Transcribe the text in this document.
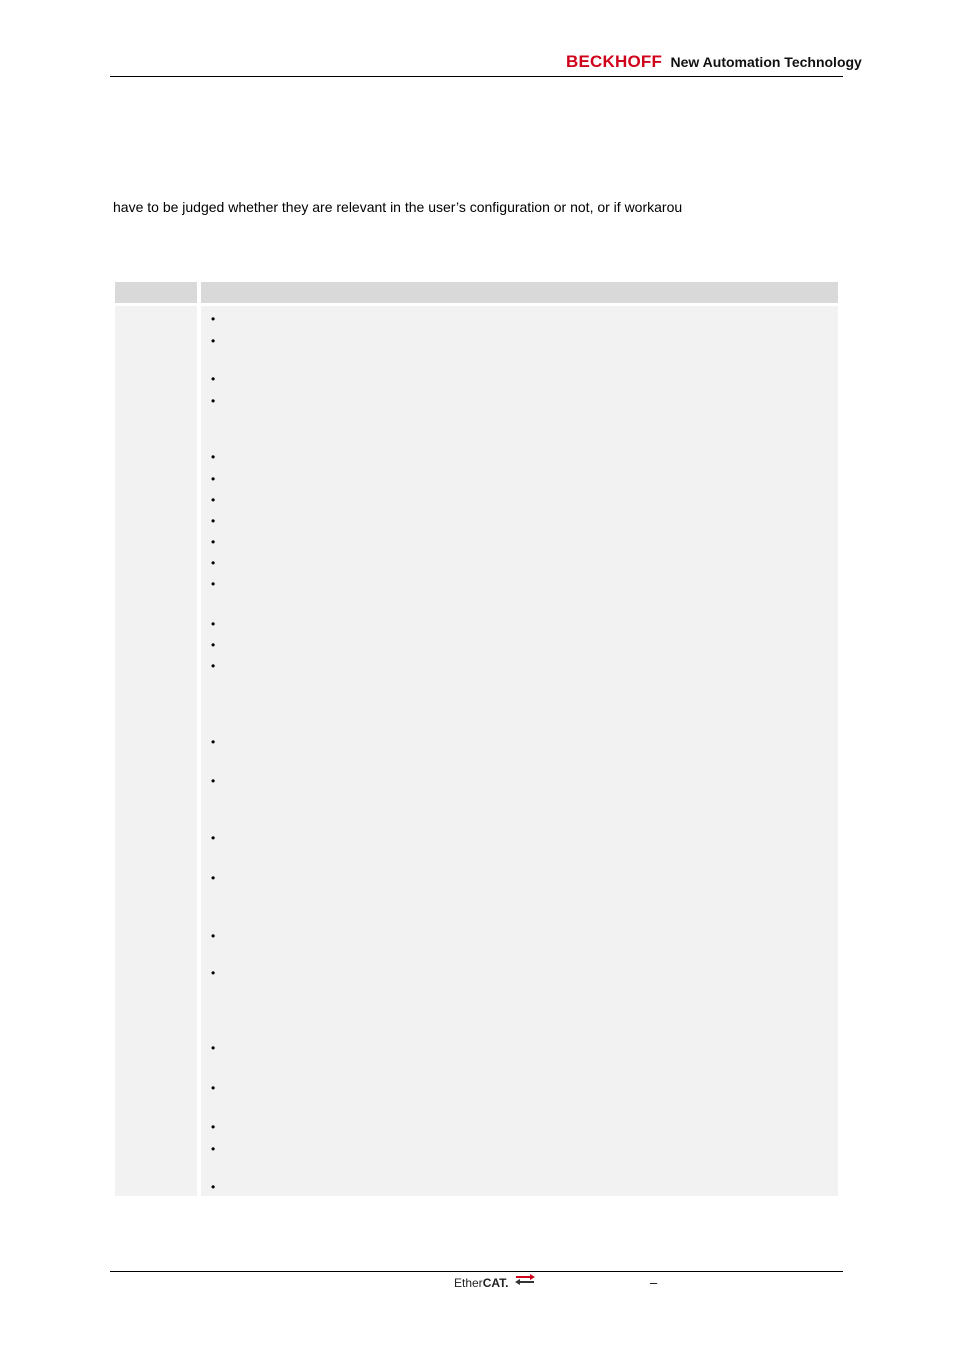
BECKHOFF New Automation Technology
have to be judged whether they are relevant in the user’s configuration or not, or if workarou
•
•
•
•
•
•
•
•
•
•
•
•
•
•
•
•
•
•
•
•
•
•
•
•
•
EtherCAT.	–
